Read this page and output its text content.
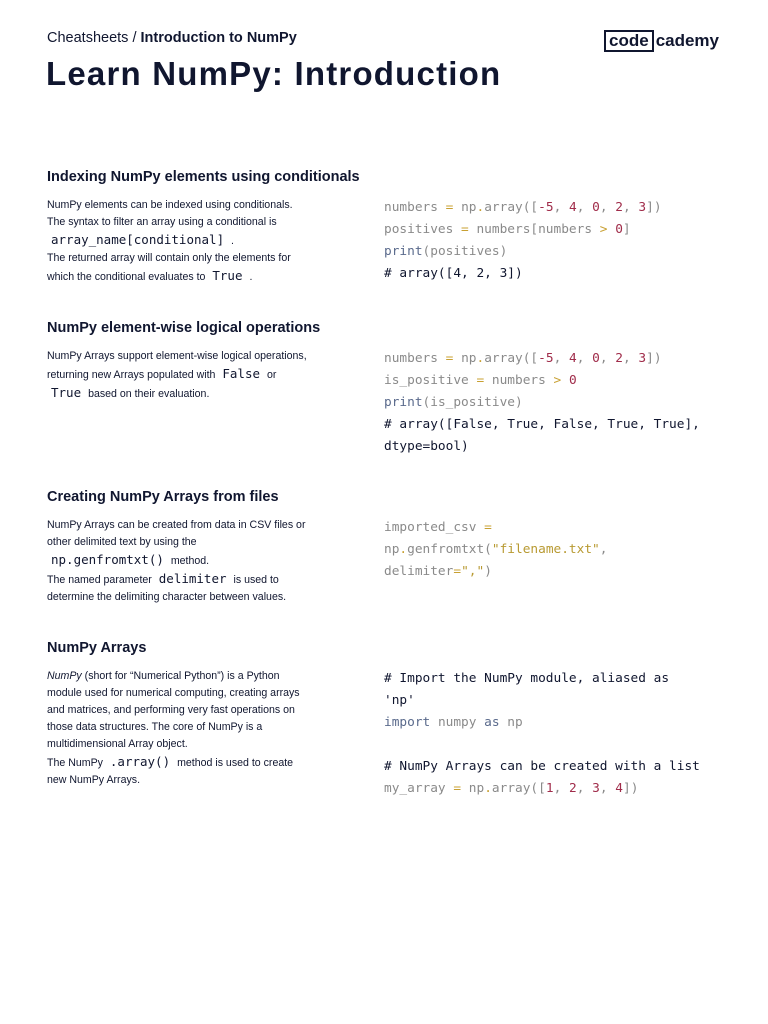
Cheatsheets / Introduction to NumPy	code cademy
Learn NumPy: Introduction
Indexing NumPy elements using conditionals

NumPy elements can be indexed using conditionals.

The syntax to filter an array using a conditional is

array_name[conditional] .

The returned array will contain only the elements for

which the conditional evaluates to True .

numbers = np.array([-5, 4, 0, 2, 3])
positives = numbers[numbers > 0]
print(positives)
# array([4, 2, 3])
NumPy element-wise logical operations

NumPy Arrays support element-wise logical operations,

returning new Arrays populated with False or

True based on their evaluation.

numbers = np.array([-5, 4, 0, 2, 3])
is_positive = numbers > 0
print(is_positive)
# array([False, True, False, True, True],
dtype=bool)
Creating NumPy Arrays from files

NumPy Arrays can be created from data in CSV files or

other delimited text by using the

np.genfromtxt() method.

The named parameter delimiter is used to

determine the delimiting character between values.

imported_csv =
np.genfromtxt("filename.txt",
delimiter=",")
NumPy Arrays

NumPy (short for “Numerical Python”) is a Python

module used for numerical computing, creating arrays

and matrices, and performing very fast operations on

those data structures. The core of NumPy is a

multidimensional Array object.

The NumPy .array() method is used to create

new NumPy Arrays.

# Import the NumPy module, aliased as
'np'
import numpy as np
# NumPy Arrays can be created with a list
my_array = np.array([1, 2, 3, 4])
